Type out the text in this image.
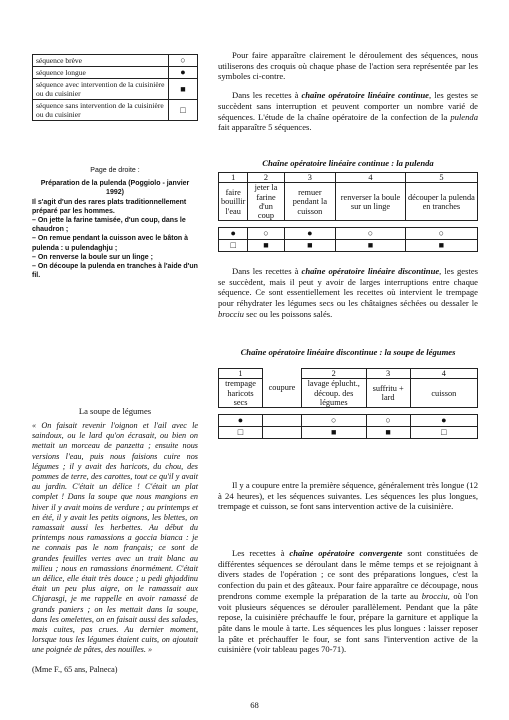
séquence brève	○
séquence longue	●
séquence avec intervention de la cuisinière ou du cuisinier	■
séquence sans intervention de la cuisinière ou du cuisinier	□

Pour faire apparaître clairement le déroulement des séquences, nous utiliserons des croquis où chaque phase de l'action sera représentée par les symboles ci-contre.

Dans les recettes à chaîne opératoire linéaire continue, les gestes se succèdent sans interruption et peuvent comporter un nombre varié de séquences. L'étude de la chaîne opératoire de la confection de la pulenda fait apparaître 5 séquences.

Chaîne opératoire linéaire continue : la pulenda

1	2	3	4	5
faire bouillir l'eau	jeter la farine d'un coup	remuer pendant la cuisson	renverser la boule sur un linge	découper la pulenda en tranches

●	○	●	○	○
□	■	■	■	■

Page de droite :

Préparation de la pulenda (Poggiolo - janvier 1992)

Il s'agit d'un des rares plats traditionnellement préparé par les hommes.

– On jette la farine tamisée, d'un coup, dans le chaudron ;

– On remue pendant la cuisson avec le bâton à pulenda : u pulendaghju ;

– On renverse la boule sur un linge ;

– On découpe la pulenda en tranches à l'aide d'un fil.	Dans les recettes à chaîne opératoire linéaire discontinue, les gestes se succèdent, mais il peut y avoir de larges interruptions entre chaque séquence. Ce sont essentiellement les recettes où intervient le trempage pour réhydrater les légumes secs ou les châtaignes séchées ou dessaler le brocciu sec ou les poissons salés.

Chaîne opératoire linéaire discontinue : la soupe de légumes

1	coupure	2	3	4
trempage haricots secs		lavage éplucht., découp. des légumes	suffritu + lard	cuisson

●		○	○	●
□		■	■	□

Il y a coupure entre la première séquence, généralement très longue (12 à 24 heures), et les séquences suivantes. Les séquences les plus longues, trempage et cuisson, se font sans intervention active de la cuisinière.

Les recettes à chaîne opératoire convergente sont constituées de différentes séquences se déroulant dans le même temps et se rejoignant à divers stades de l'opération ; ce sont des préparations longues, c'est la confection du pain et des gâteaux. Pour faire apparaître ce découpage, nous prendrons comme exemple la préparation de la tarte au brocciu, où l'on voit plusieurs séquences se dérouler parallèlement. Pendant que la pâte repose, la cuisinière préchauffe le four, prépare la garniture et applique la pâte dans le moule à tarte. Les séquences les plus longues : laisser reposer la pâte et préchauffer le four, se font sans l'intervention active de la cuisinière (voir tableau pages 70-71).

La soupe de légumes

« On faisait revenir l'oignon et l'ail avec le saindoux, ou le lard qu'on écrasait, ou bien on mettait un morceau de panzetta ; ensuite nous versions l'eau, puis nous faisions cuire nos légumes ; il y avait des haricots, du chou, des pommes de terre, des carottes, tout ce qu'il y avait au jardin. C'était un délice ! C'était un plat complet ! Dans la soupe que nous mangions en hiver il y avait moins de verdure ; au printemps et en été, il y avait les petits oignons, les blettes, on ramassait aussi les herbettes. Au début du printemps nous ramassions a goccia bianca : je ne connais pas le nom français; ce sont de grandes feuilles vertes avec un trait blanc au milieu ; nous en ramassions énormément. C'était un délice, elle était très douce ; u pedi ghjaddinu était un peu plus aigre, on le ramassait aux Chjarasgi, je me rappelle en avoir ramassé de grands paniers ; on les mettait dans la soupe, dans les omelettes, on en faisait aussi des salades, mais cuites, pas crues. Au dernier moment, lorsque tous les légumes étaient cuits, on ajoutait une poignée de pâtes, des nouilles. »

(Mme F., 65 ans, Palneca)
68
